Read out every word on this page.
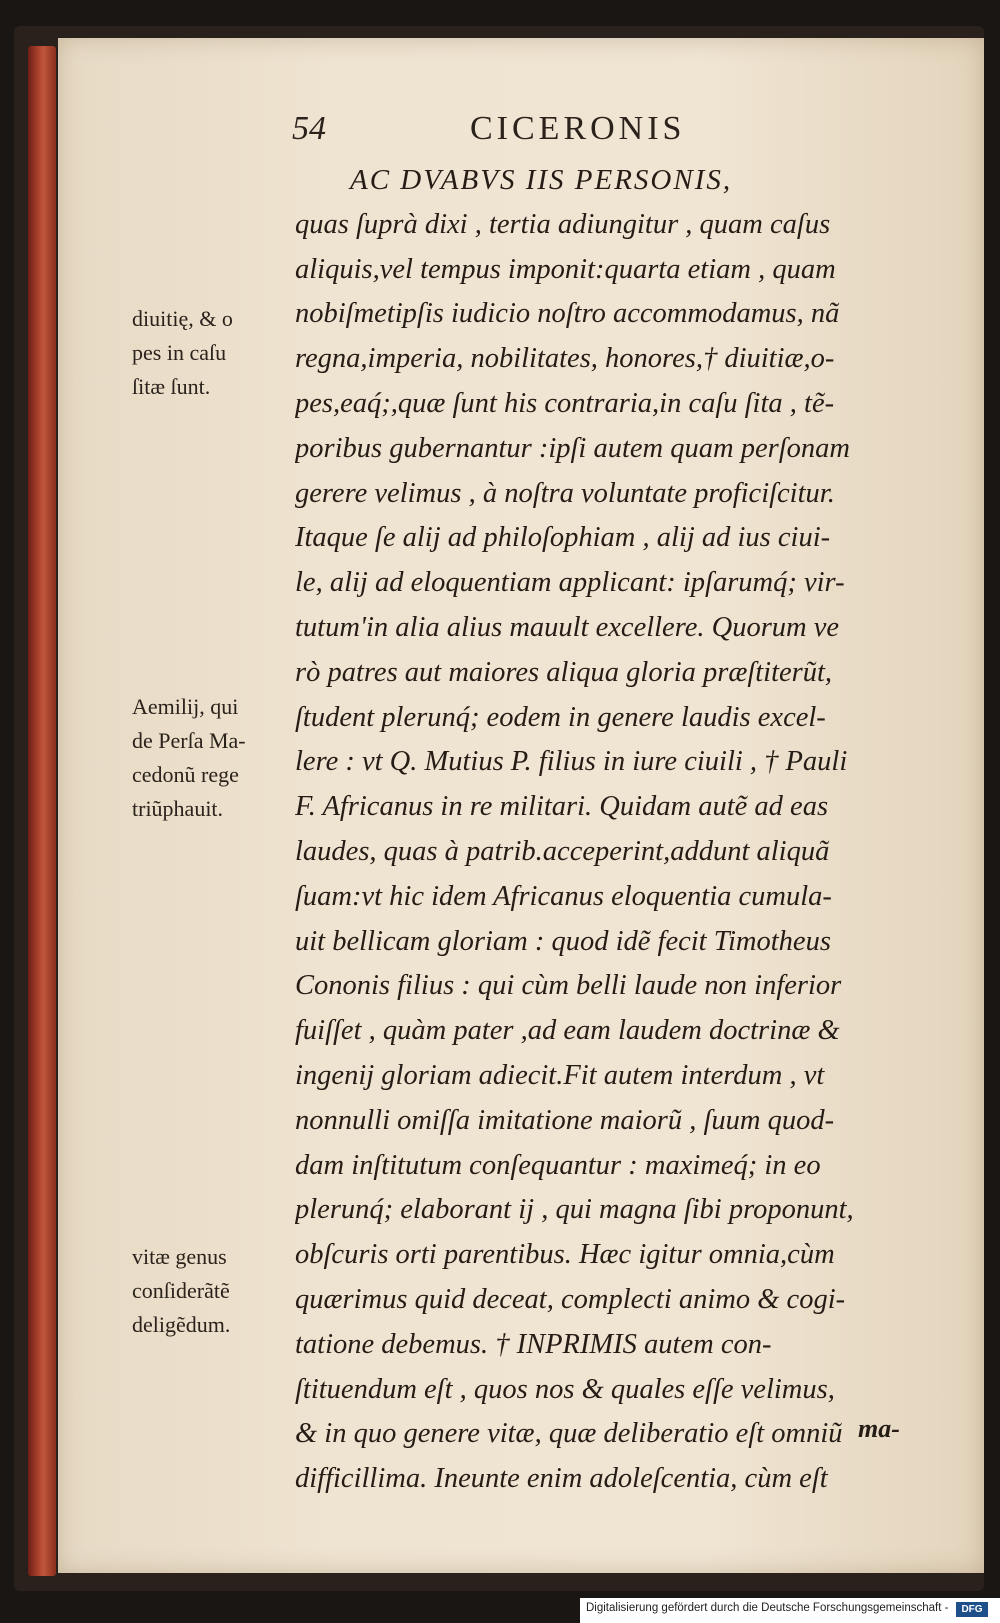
54	CICERONIS
AC DVABVS IIS PERSONIS,
quas ſuprà dixi , tertia adiungitur , quam caſus
aliquis,vel tempus imponit:quarta etiam , quam
nobiſmetipſis iudicio noſtro accommodamus, nã
regna,imperia, nobilitates, honores,† diuitiæ,o-
pes,eaq́;,quæ ſunt his contraria,in caſu ſita , tẽ-
poribus gubernantur :ipſi autem quam perſonam
gerere velimus , à noſtra voluntate proficiſcitur.
Itaque ſe alij ad philoſophiam , alij ad ius ciui-
le, alij ad eloquentiam applicant: ipſarumq́; vir-
tutum'in alia alius mauult excellere. Quorum ve
rò patres aut maiores aliqua gloria præſtiterũt,
ſtudent plerunq́; eodem in genere laudis excel-
lere : vt Q. Mutius P. filius in iure ciuili , † Pauli
F. Africanus in re militari. Quidam autẽ ad eas
laudes, quas à patrib.acceperint,addunt aliquã
ſuam:vt hic idem Africanus eloquentia cumula-
uit bellicam gloriam : quod idẽ fecit Timotheus
Cononis filius : qui cùm belli laude non inferior
fuiſſet , quàm pater ,ad eam laudem doctrinæ &
ingenij gloriam adiecit.Fit autem interdum , vt
nonnulli omiſſa imitatione maiorũ , ſuum quod-
dam inſtitutum conſequantur : maximeq́; in eo
plerunq́; elaborant ij , qui magna ſibi proponunt,
obſcuris orti parentibus. Hæc igitur omnia,cùm
quærimus quid deceat, complecti animo & cogi-
tatione debemus. † INPRIMIS autem con-
ſtituendum eſt , quos nos & quales eſſe velimus,
& in quo genere vitæ, quæ deliberatio eſt omniũ
difficillima. Ineunte enim adoleſcentia, cùm eſt
ma-
diuitię, & o
pes in caſu
ſitæ ſunt.
Aemilij, qui
de Perſa Ma-
cedonũ rege
triũphauit.
vitæ genus
conſiderãtẽ
deligẽdum.
Digitalisierung gefördert durch die Deutsche Forschungsgemeinschaft -	DFG
